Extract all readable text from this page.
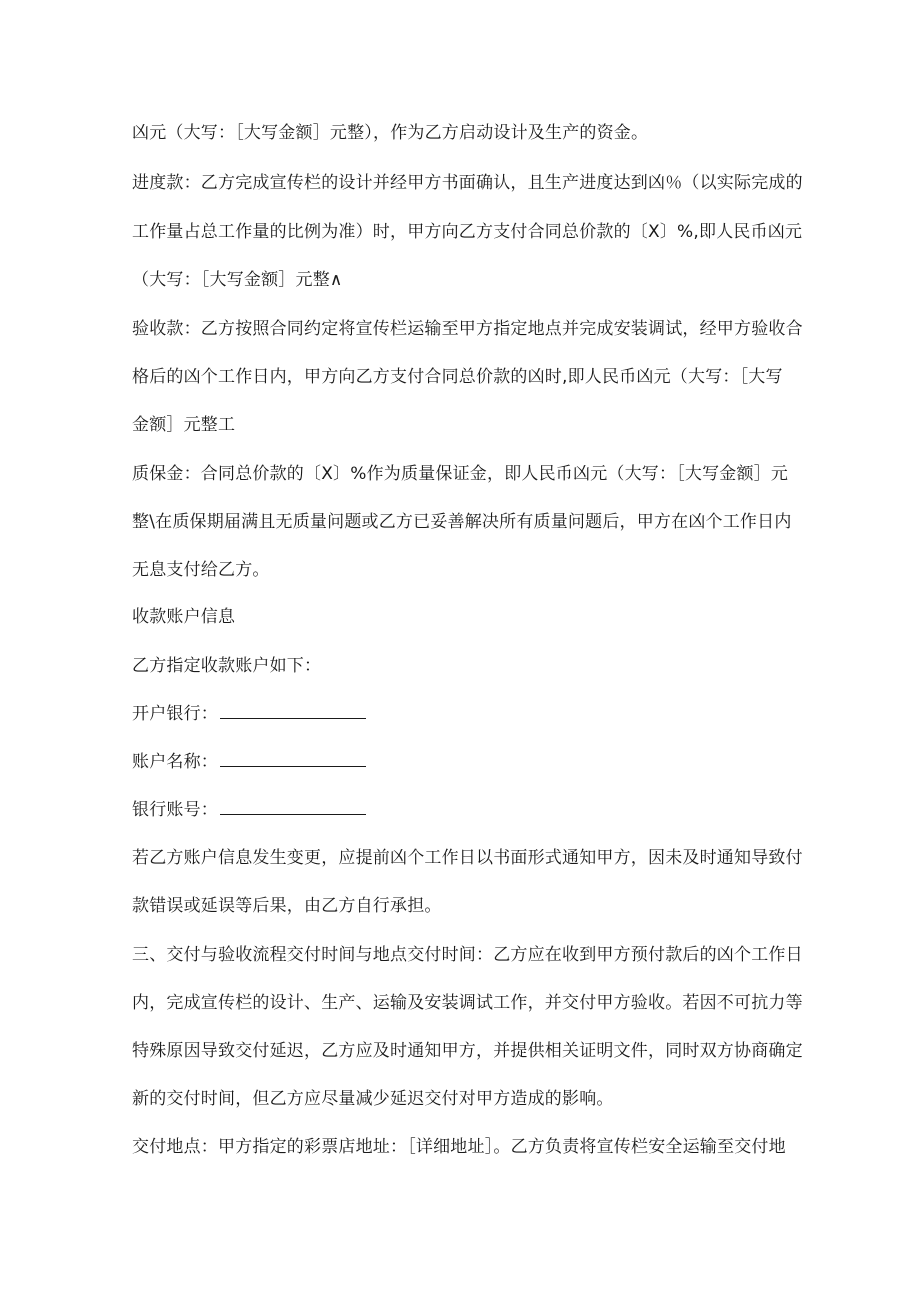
凶元（大写：［大写金额］元整），作为乙方启动设计及生产的资金。
进度款：乙方完成宣传栏的设计并经甲方书面确认，且生产进度达到凶％（以实际完成的
工作量占总工作量的比例为准）时，甲方向乙方支付合同总价款的〔X〕%,即人民币凶元
（大写：［大写金额］元整∧
验收款：乙方按照合同约定将宣传栏运输至甲方指定地点并完成安装调试，经甲方验收合
格后的凶个工作日内，甲方向乙方支付合同总价款的凶时,即人民币凶元（大写：［大写
金额］元整工
质保金：合同总价款的〔X〕%作为质量保证金，即人民币凶元（大写：［大写金额］元
整\在质保期届满且无质量问题或乙方已妥善解决所有质量问题后，甲方在凶个工作日内
无息支付给乙方。
收款账户信息
乙方指定收款账户如下：
开户银行：
账户名称：
银行账号：
若乙方账户信息发生变更，应提前凶个工作日以书面形式通知甲方，因未及时通知导致付
款错误或延误等后果，由乙方自行承担。
三、交付与验收流程交付时间与地点交付时间：乙方应在收到甲方预付款后的凶个工作日
内，完成宣传栏的设计、生产、运输及安装调试工作，并交付甲方验收。若因不可抗力等
特殊原因导致交付延迟，乙方应及时通知甲方，并提供相关证明文件，同时双方协商确定
新的交付时间，但乙方应尽量减少延迟交付对甲方造成的影响。
交付地点：甲方指定的彩票店地址：［详细地址］。乙方负责将宣传栏安全运输至交付地
